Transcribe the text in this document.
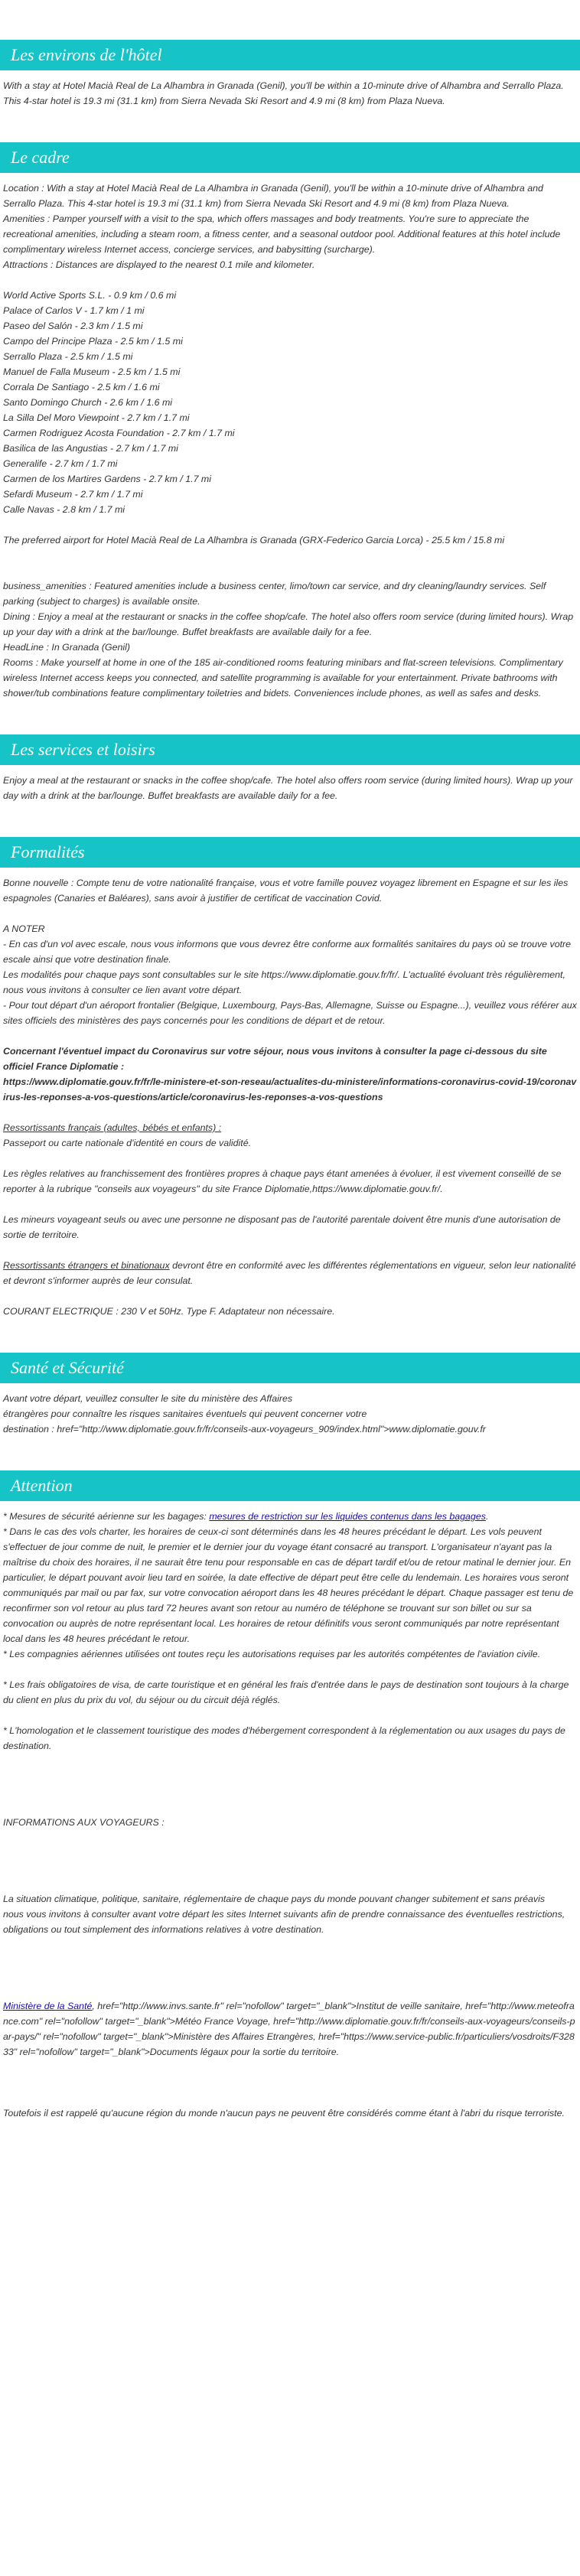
Les environs de l'hôtel

With a stay at Hotel Macià Real de La Alhambra in Granada (Genil), you'll be within a 10-minute drive of Alhambra and Serrallo Plaza. This 4-star hotel is 19.3 mi (31.1 km) from Sierra Nevada Ski Resort and 4.9 mi (8 km) from Plaza Nueva.

Le cadre

Location : With a stay at Hotel Macià Real de La Alhambra in Granada (Genil), you'll be within a 10-minute drive of Alhambra and Serrallo Plaza. This 4-star hotel is 19.3 mi (31.1 km) from Sierra Nevada Ski Resort and 4.9 mi (8 km) from Plaza Nueva.

Amenities : Pamper yourself with a visit to the spa, which offers massages and body treatments. You're sure to appreciate the recreational amenities, including a steam room, a fitness center, and a seasonal outdoor pool. Additional features at this hotel include complimentary wireless Internet access, concierge services, and babysitting (surcharge).

Attractions : Distances are displayed to the nearest 0.1 mile and kilometer.

World Active Sports S.L. - 0.9 km / 0.6 mi

Palace of Carlos V - 1.7 km / 1 mi

Paseo del Salón - 2.3 km / 1.5 mi

Campo del Principe Plaza - 2.5 km / 1.5 mi

Serrallo Plaza - 2.5 km / 1.5 mi

Manuel de Falla Museum - 2.5 km / 1.5 mi

Corrala De Santiago - 2.5 km / 1.6 mi

Santo Domingo Church - 2.6 km / 1.6 mi

La Silla Del Moro Viewpoint - 2.7 km / 1.7 mi

Carmen Rodriguez Acosta Foundation - 2.7 km / 1.7 mi

Basilica de las Angustias - 2.7 km / 1.7 mi

Generalife - 2.7 km / 1.7 mi

Carmen de los Martires Gardens - 2.7 km / 1.7 mi

Sefardi Museum - 2.7 km / 1.7 mi

Calle Navas - 2.8 km / 1.7 mi

The preferred airport for Hotel Macià Real de La Alhambra is Granada (GRX-Federico Garcia Lorca) - 25.5 km / 15.8 mi

business_amenities : Featured amenities include a business center, limo/town car service, and dry cleaning/laundry services. Self parking (subject to charges) is available onsite.

Dining : Enjoy a meal at the restaurant or snacks in the coffee shop/cafe. The hotel also offers room service (during limited hours). Wrap up your day with a drink at the bar/lounge. Buffet breakfasts are available daily for a fee.

HeadLine : In Granada (Genil)

Rooms : Make yourself at home in one of the 185 air-conditioned rooms featuring minibars and flat-screen televisions. Complimentary wireless Internet access keeps you connected, and satellite programming is available for your entertainment. Private bathrooms with shower/tub combinations feature complimentary toiletries and bidets. Conveniences include phones, as well as safes and desks.

Les services et loisirs

Enjoy a meal at the restaurant or snacks in the coffee shop/cafe. The hotel also offers room service (during limited hours). Wrap up your day with a drink at the bar/lounge. Buffet breakfasts are available daily for a fee.

Formalités

Bonne nouvelle : Compte tenu de votre nationalité française, vous et votre famille pouvez voyagez librement en Espagne et sur les iles espagnoles (Canaries et Baléares), sans avoir à justifier de certificat de vaccination Covid.

A NOTER

- En cas d'un vol avec escale, nous vous informons que vous devrez être conforme aux formalités sanitaires du pays où se trouve votre escale ainsi que votre destination finale.

Les modalités pour chaque pays sont consultables sur le site https://www.diplomatie.gouv.fr/fr/. L'actualité évoluant très régulièrement, nous vous invitons à consulter ce lien avant votre départ.

- Pour tout départ d'un aéroport frontalier (Belgique, Luxembourg, Pays-Bas, Allemagne, Suisse ou Espagne...), veuillez vous référer aux sites officiels des ministères des pays concernés pour les conditions de départ et de retour.

Concernant l'éventuel impact du Coronavirus sur votre séjour, nous vous invitons à consulter la page ci-dessous du site officiel France Diplomatie :

https://www.diplomatie.gouv.fr/fr/le-ministere-et-son-reseau/actualites-du-ministere/informations-coronavirus-covid-19/coronavirus-les-reponses-a-vos-questions/article/coronavirus-les-reponses-a-vos-questions

Ressortissants français (adultes, bébés et enfants) :

Passeport ou carte nationale d'identité en cours de validité.

Les règles relatives au franchissement des frontières propres à chaque pays étant amenées à évoluer, il est vivement conseillé de se reporter à la rubrique "conseils aux voyageurs" du site France Diplomatie,https://www.diplomatie.gouv.fr/.

Les mineurs voyageant seuls ou avec une personne ne disposant pas de l'autorité parentale doivent être munis d'une autorisation de sortie de territoire.

Ressortissants étrangers et binationaux devront être en conformité avec les différentes réglementations en vigueur, selon leur nationalité et devront s'informer auprès de leur consulat.

COURANT ELECTRIQUE : 230 V et 50Hz. Type F. Adaptateur non nécessaire.

Santé et Sécurité

Avant votre départ, veuillez consulter le site du ministère des Affaires

étrangères pour connaître les risques sanitaires éventuels qui peuvent concerner votre

destination : href="http://www.diplomatie.gouv.fr/fr/conseils-aux-voyageurs_909/index.html">www.diplomatie.gouv.fr

Attention

* Mesures de sécurité aérienne sur les bagages: mesures de restriction sur les liquides contenus dans les bagages.

* Dans le cas des vols charter, les horaires de ceux-ci sont déterminés dans les 48 heures précédant le départ. Les vols peuvent s'effectuer de jour comme de nuit, le premier et le dernier jour du voyage étant consacré au transport. L'organisateur n'ayant pas la maîtrise du choix des horaires, il ne saurait être tenu pour responsable en cas de départ tardif et/ou de retour matinal le dernier jour. En particulier, le départ pouvant avoir lieu tard en soirée, la date effective de départ peut être celle du lendemain. Les horaires vous seront communiqués par mail ou par fax, sur votre convocation aéroport dans les 48 heures précédant le départ. Chaque passager est tenu de reconfirmer son vol retour au plus tard 72 heures avant son retour au numéro de téléphone se trouvant sur son billet ou sur sa convocation ou auprès de notre représentant local. Les horaires de retour définitifs vous seront communiqués par notre représentant local dans les 48 heures précédant le retour.

* Les compagnies aériennes utilisées ont toutes reçu les autorisations requises par les autorités compétentes de l'aviation civile.

* Les frais obligatoires de visa, de carte touristique et en général les frais d'entrée dans le pays de destination sont toujours à la charge du client en plus du prix du vol, du séjour ou du circuit déjà réglés.

* L'homologation et le classement touristique des modes d'hébergement correspondent à la réglementation ou aux usages du pays de destination.

INFORMATIONS AUX VOYAGEURS :

La situation climatique, politique, sanitaire, réglementaire de chaque pays du monde pouvant changer subitement et sans préavis

nous vous invitons à consulter avant votre départ les sites Internet suivants afin de prendre connaissance des éventuelles restrictions, obligations ou tout simplement des informations relatives à votre destination.

Ministère de la Santé, href="http://www.invs.sante.fr" rel="nofollow" target="_blank">Institut de veille sanitaire, href="http://www.meteofrance.com" rel="nofollow" target="_blank">Météo France Voyage, href="http://www.diplomatie.gouv.fr/fr/conseils-aux-voyageurs/conseils-par-pays/" rel="nofollow" target="_blank">Ministère des Affaires Etrangères, href="https://www.service-public.fr/particuliers/vosdroits/F32833" rel="nofollow" target="_blank">Documents légaux pour la sortie du territoire.

Toutefois il est rappelé qu'aucune région du monde n'aucun pays ne peuvent être considérés comme étant à l'abri du risque terroriste.
